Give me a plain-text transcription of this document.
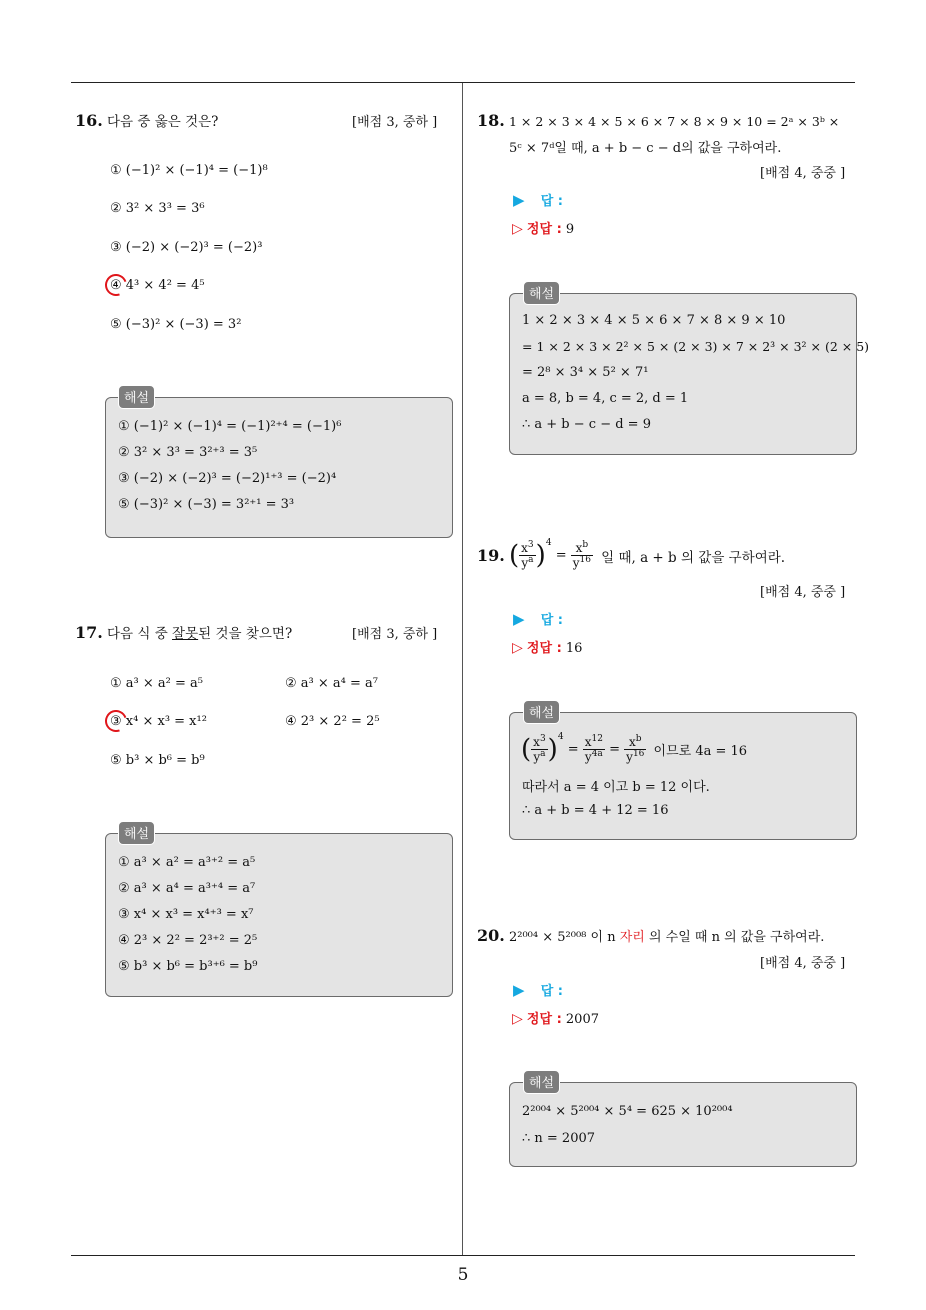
16. 다음 중 옳은 것은?	[배점 3, 중하 ]
① (−1)² × (−1)⁴ = (−1)⁸
② 3² × 3³ = 3⁶
③ (−2) × (−2)³ = (−2)³
④ 4³ × 4² = 4⁵
⑤ (−3)² × (−3) = 3²
해설
① (−1)² × (−1)⁴ = (−1)²⁺⁴ = (−1)⁶
② 3² × 3³ = 3²⁺³ = 3⁵
③ (−2) × (−2)³ = (−2)¹⁺³ = (−2)⁴
⑤ (−3)² × (−3) = 3²⁺¹ = 3³
17. 다음 식 중 잘못된 것을 찾으면?	[배점 3, 중하 ]
① a³ × a² = a⁵	② a³ × a⁴ = a⁷
③ x⁴ × x³ = x¹²	④ 2³ × 2² = 2⁵
⑤ b³ × b⁶ = b⁹
해설
① a³ × a² = a³⁺² = a⁵
② a³ × a⁴ = a³⁺⁴ = a⁷
③ x⁴ × x³ = x⁴⁺³ = x⁷
④ 2³ × 2² = 2³⁺² = 2⁵
⑤ b³ × b⁶ = b³⁺⁶ = b⁹
18. 1 × 2 × 3 × 4 × 5 × 6 × 7 × 8 × 9 × 10 = 2ᵃ × 3ᵇ ×
5ᶜ × 7ᵈ일 때, a + b − c − d의 값을 구하여라.
[배점 4, 중중 ]
▶ 답 :
▷ 정답 : 9
해설
1 × 2 × 3 × 4 × 5 × 6 × 7 × 8 × 9 × 10
= 1 × 2 × 3 × 2² × 5 × (2 × 3) × 7 × 2³ × 3² × (2 × 5)
= 2⁸ × 3⁴ × 5² × 7¹
a = 8, b = 4, c = 2, d = 1
∴ a + b − c − d = 9
19. ( $\frac{x^3}{y^a} )^4 = \frac{x^b}{y^{16}}$ 일 때, a + b 의 값을 구하여라.
[배점 4, 중중 ]
▶ 답 :
▷ 정답 : 16
해설
( $\frac{x^3}{y^a} )^4 = \frac{x^{12}}{y^{4a}} = \frac{x^b}{y^{16}}$ 이므로 4a = 16
따라서 a = 4 이고 b = 12 이다.
∴ a + b = 4 + 12 = 16
20. 2²⁰⁰⁴ × 5²⁰⁰⁸ 이 n 자리 의 수일 때 n 의 값을 구하여라.
[배점 4, 중중 ]
▶ 답 :
▷ 정답 : 2007
해설
2²⁰⁰⁴ × 5²⁰⁰⁴ × 5⁴ = 625 × 10²⁰⁰⁴
∴ n = 2007
5
